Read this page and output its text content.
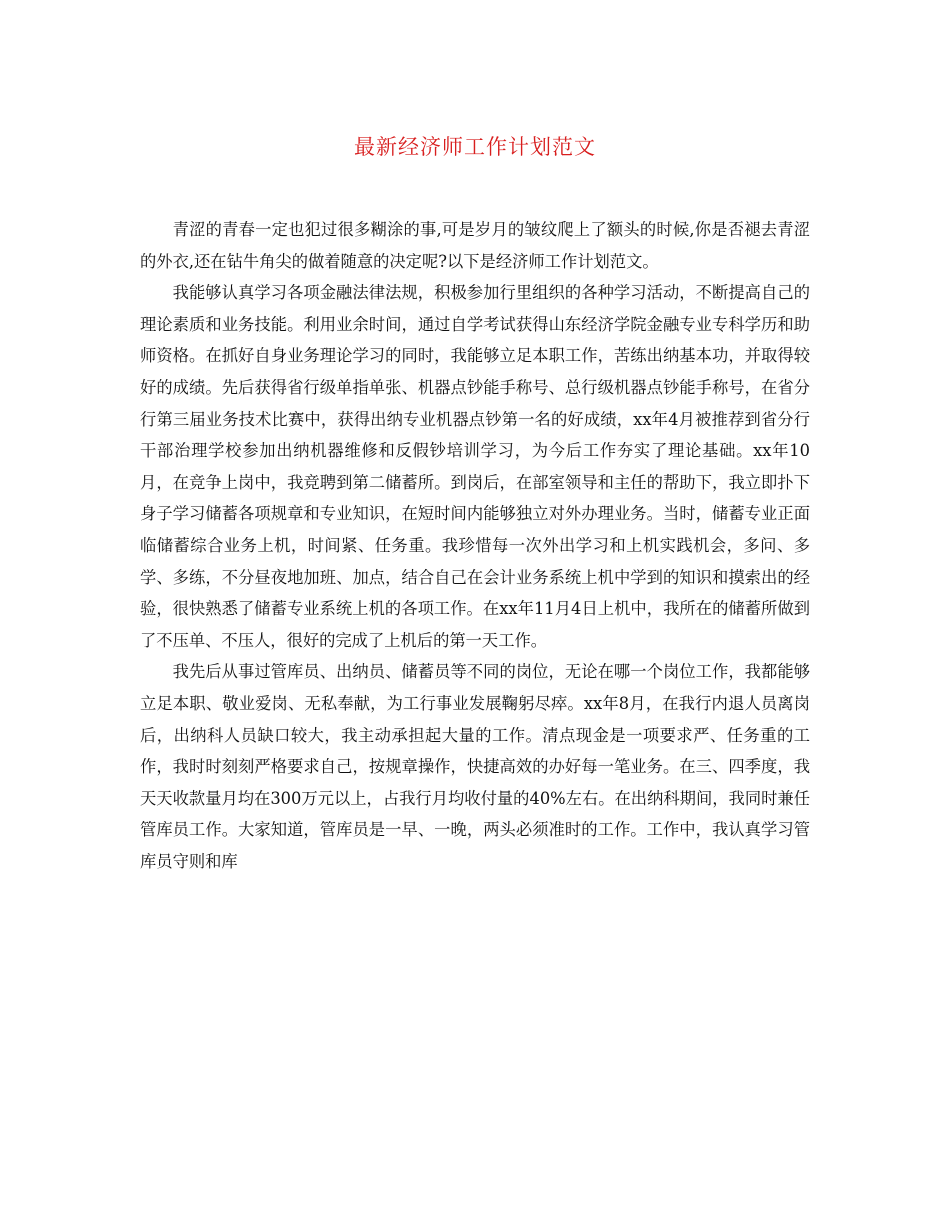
最新经济师工作计划范文

青涩的青春一定也犯过很多糊涂的事,可是岁月的皱纹爬上了额头的时候,你是否褪去青涩的外衣,还在钻牛角尖的做着随意的决定呢?以下是经济师工作计划范文。

我能够认真学习各项金融法律法规，积极参加行里组织的各种学习活动，不断提高自己的理论素质和业务技能。利用业余时间，通过自学考试获得山东经济学院金融专业专科学历和助师资格。在抓好自身业务理论学习的同时，我能够立足本职工作，苦练出纳基本功，并取得较好的成绩。先后获得省行级单指单张、机器点钞能手称号、总行级机器点钞能手称号，在省分行第三届业务技术比赛中，获得出纳专业机器点钞第一名的好成绩，xx年4月被推荐到省分行干部治理学校参加出纳机器维修和反假钞培训学习，为今后工作夯实了理论基础。xx年10月，在竞争上岗中，我竞聘到第二储蓄所。到岗后，在部室领导和主任的帮助下，我立即扑下身子学习储蓄各项规章和专业知识，在短时间内能够独立对外办理业务。当时，储蓄专业正面临储蓄综合业务上机，时间紧、任务重。我珍惜每一次外出学习和上机实践机会，多问、多学、多练，不分昼夜地加班、加点，结合自己在会计业务系统上机中学到的知识和摸索出的经验，很快熟悉了储蓄专业系统上机的各项工作。在xx年11月4日上机中，我所在的储蓄所做到了不压单、不压人，很好的完成了上机后的第一天工作。

我先后从事过管库员、出纳员、储蓄员等不同的岗位，无论在哪一个岗位工作，我都能够立足本职、敬业爱岗、无私奉献，为工行事业发展鞠躬尽瘁。xx年8月，在我行内退人员离岗后，出纳科人员缺口较大，我主动承担起大量的工作。清点现金是一项要求严、任务重的工作，我时时刻刻严格要求自己，按规章操作，快捷高效的办好每一笔业务。在三、四季度，我天天收款量月均在300万元以上，占我行月均收付量的40%左右。在出纳科期间，我同时兼任管库员工作。大家知道，管库员是一早、一晚，两头必须准时的工作。工作中，我认真学习管库员守则和库
